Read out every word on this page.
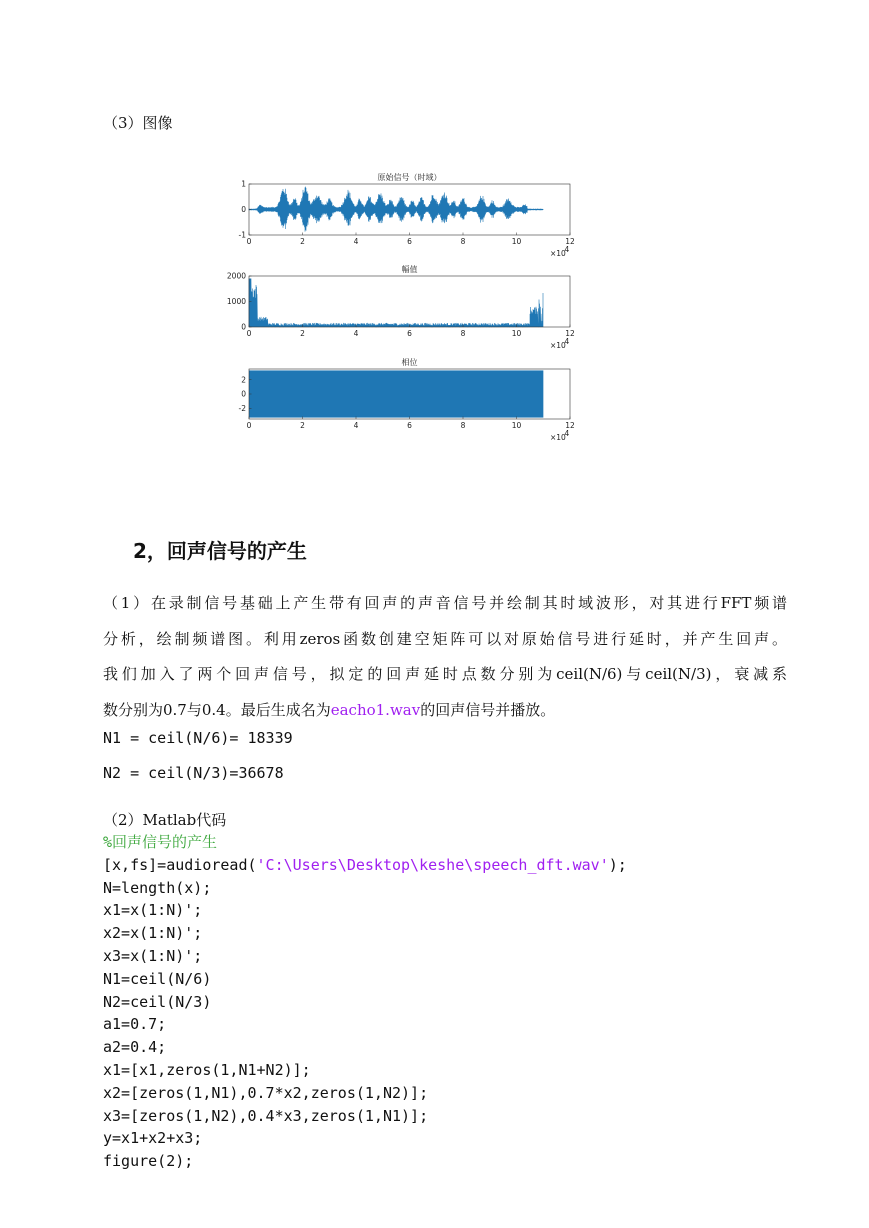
（3）图像
原始信号（时域）
0	2	4	6	8	10	12
1
0
-1
×10
4
幅值
0	2	4	6	8	10	12
2000
1000
0
×10
4
相位
0	2	4	6	8	10	12
2
0
-2
×10
4
2，回声信号的产生
（1）在录制信号基础上产生带有回声的声音信号并绘制其时域波形，对其进行FFT频谱
分析，绘制频谱图。利用zeros函数创建空矩阵可以对原始信号进行延时，并产生回声。
我们加入了两个回声信号，拟定的回声延时点数分别为ceil(N/6)与ceil(N/3)，衰减系
数分别为0.7与0.4。最后生成名为eacho1.wav的回声信号并播放。
N1 = ceil(N/6)= 18339
N2 = ceil(N/3)=36678
（2）Matlab代码
%回声信号的产生
[x,fs]=audioread('C:\Users\Desktop\keshe\speech_dft.wav');
N=length(x);
x1=x(1:N)';
x2=x(1:N)';
x3=x(1:N)';
N1=ceil(N/6)
N2=ceil(N/3)
a1=0.7;
a2=0.4;
x1=[x1,zeros(1,N1+N2)];
x2=[zeros(1,N1),0.7*x2,zeros(1,N2)];
x3=[zeros(1,N2),0.4*x3,zeros(1,N1)];
y=x1+x2+x3;
figure(2);
